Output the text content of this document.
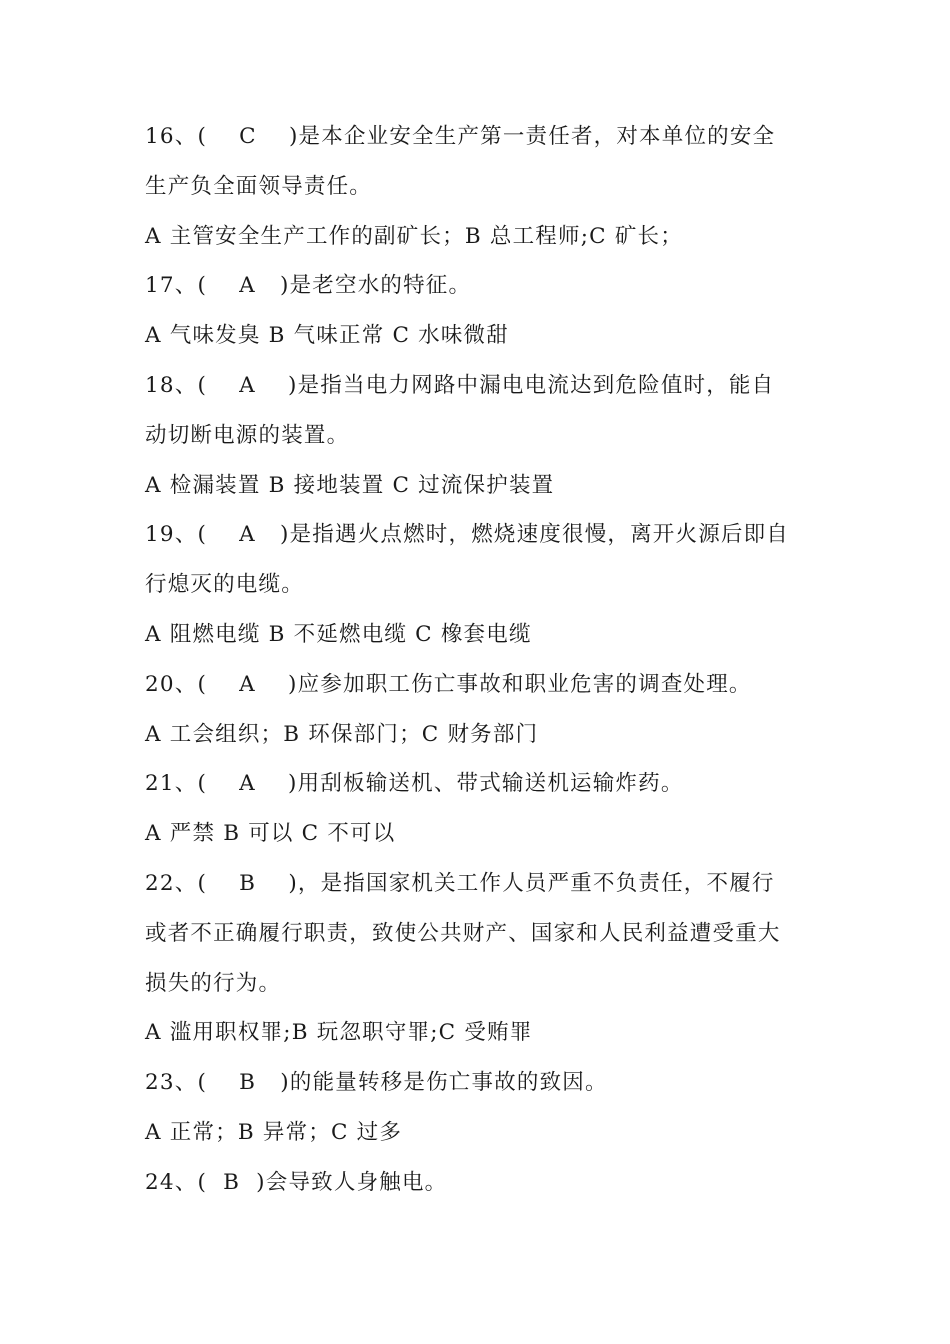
16、(    C    )是本企业安全生产第一责任者，对本单位的安全
生产负全面领导责任。
A 主管安全生产工作的副矿长；B 总工程师;C 矿长；
17、(    A   )是老空水的特征。
A 气味发臭 B 气味正常 C 水味微甜
18、(    A    )是指当电力网路中漏电电流达到危险值时，能自
动切断电源的装置。
A 检漏装置 B 接地装置 C 过流保护装置
19、(    A   )是指遇火点燃时，燃烧速度很慢，离开火源后即自
行熄灭的电缆。
A 阻燃电缆 B 不延燃电缆 C 橡套电缆
20、(    A    )应参加职工伤亡事故和职业危害的调查处理。
A 工会组织；B 环保部门；C 财务部门
21、(    A    )用刮板输送机、带式输送机运输炸药。
A 严禁 B 可以 C 不可以
22、(    B    )，是指国家机关工作人员严重不负责任，不履行
或者不正确履行职责，致使公共财产、国家和人民利益遭受重大
损失的行为。
A 滥用职权罪;B 玩忽职守罪;C 受贿罪
23、(    B   )的能量转移是伤亡事故的致因。
A 正常；B 异常；C 过多
24、(  B  )会导致人身触电。
